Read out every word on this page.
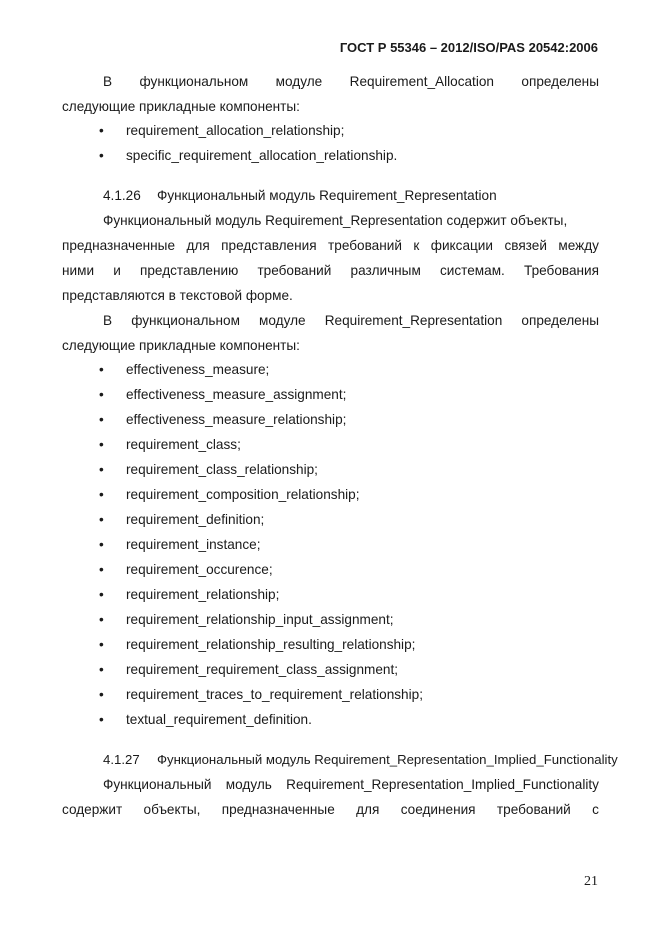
ГОСТ Р 55346 – 2012/ISO/PAS 20542:2006
В функциональном модуле Requirement_Allocation определены
следующие прикладные компоненты:
• requirement_allocation_relationship;
• specific_requirement_allocation_relationship.
4.1.26 Функциональный модуль Requirement_Representation
Функциональный модуль Requirement_Representation содержит объекты,
предназначенные для представления требований к фиксации связей между
ними и представлению требований различным системам. Требования
представляются в текстовой форме.
В функциональном модуле Requirement_Representation определены
следующие прикладные компоненты:
• effectiveness_measure;
• effectiveness_measure_assignment;
• effectiveness_measure_relationship;
• requirement_class;
• requirement_class_relationship;
• requirement_composition_relationship;
• requirement_definition;
• requirement_instance;
• requirement_occurence;
• requirement_relationship;
• requirement_relationship_input_assignment;
• requirement_relationship_resulting_relationship;
• requirement_requirement_class_assignment;
• requirement_traces_to_requirement_relationship;
• textual_requirement_definition.
4.1.27 Функциональный модуль Requirement_Representation_Implied_Functionality
Функциональный модуль Requirement_Representation_Implied_Functionality
содержит объекты, предназначенные для соединения требований с
21
